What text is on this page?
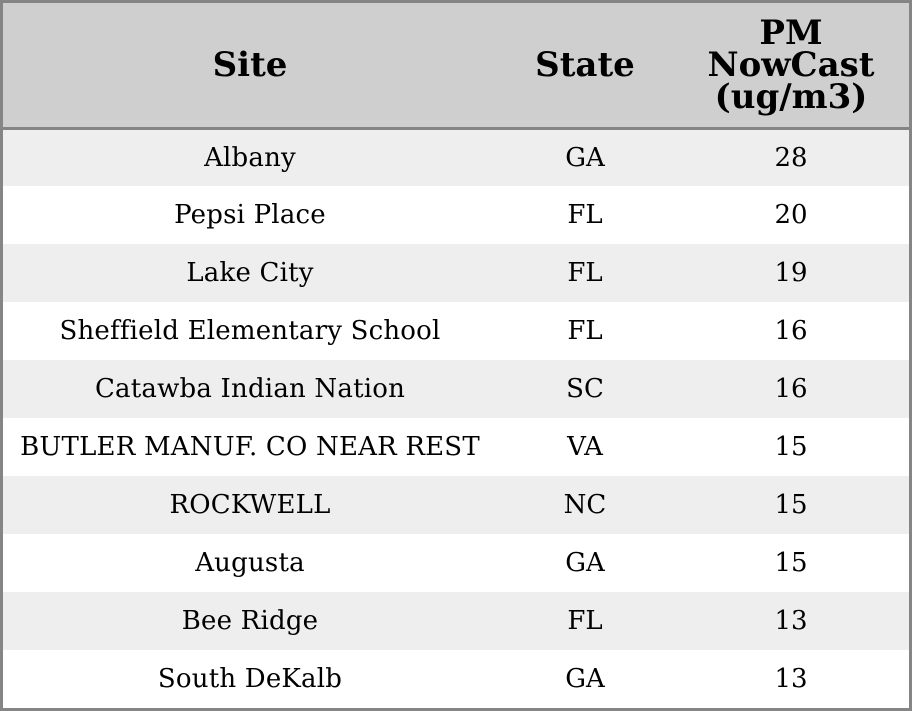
Site	State	PM
NowCast
(ug/m3)

Albany	GA	28
Pepsi Place	FL	20
Lake City	FL	19
Sheffield Elementary School	FL	16
Catawba Indian Nation	SC	16
BUTLER MANUF. CO NEAR REST	VA	15
ROCKWELL	NC	15
Augusta	GA	15
Bee Ridge	FL	13
South DeKalb	GA	13
